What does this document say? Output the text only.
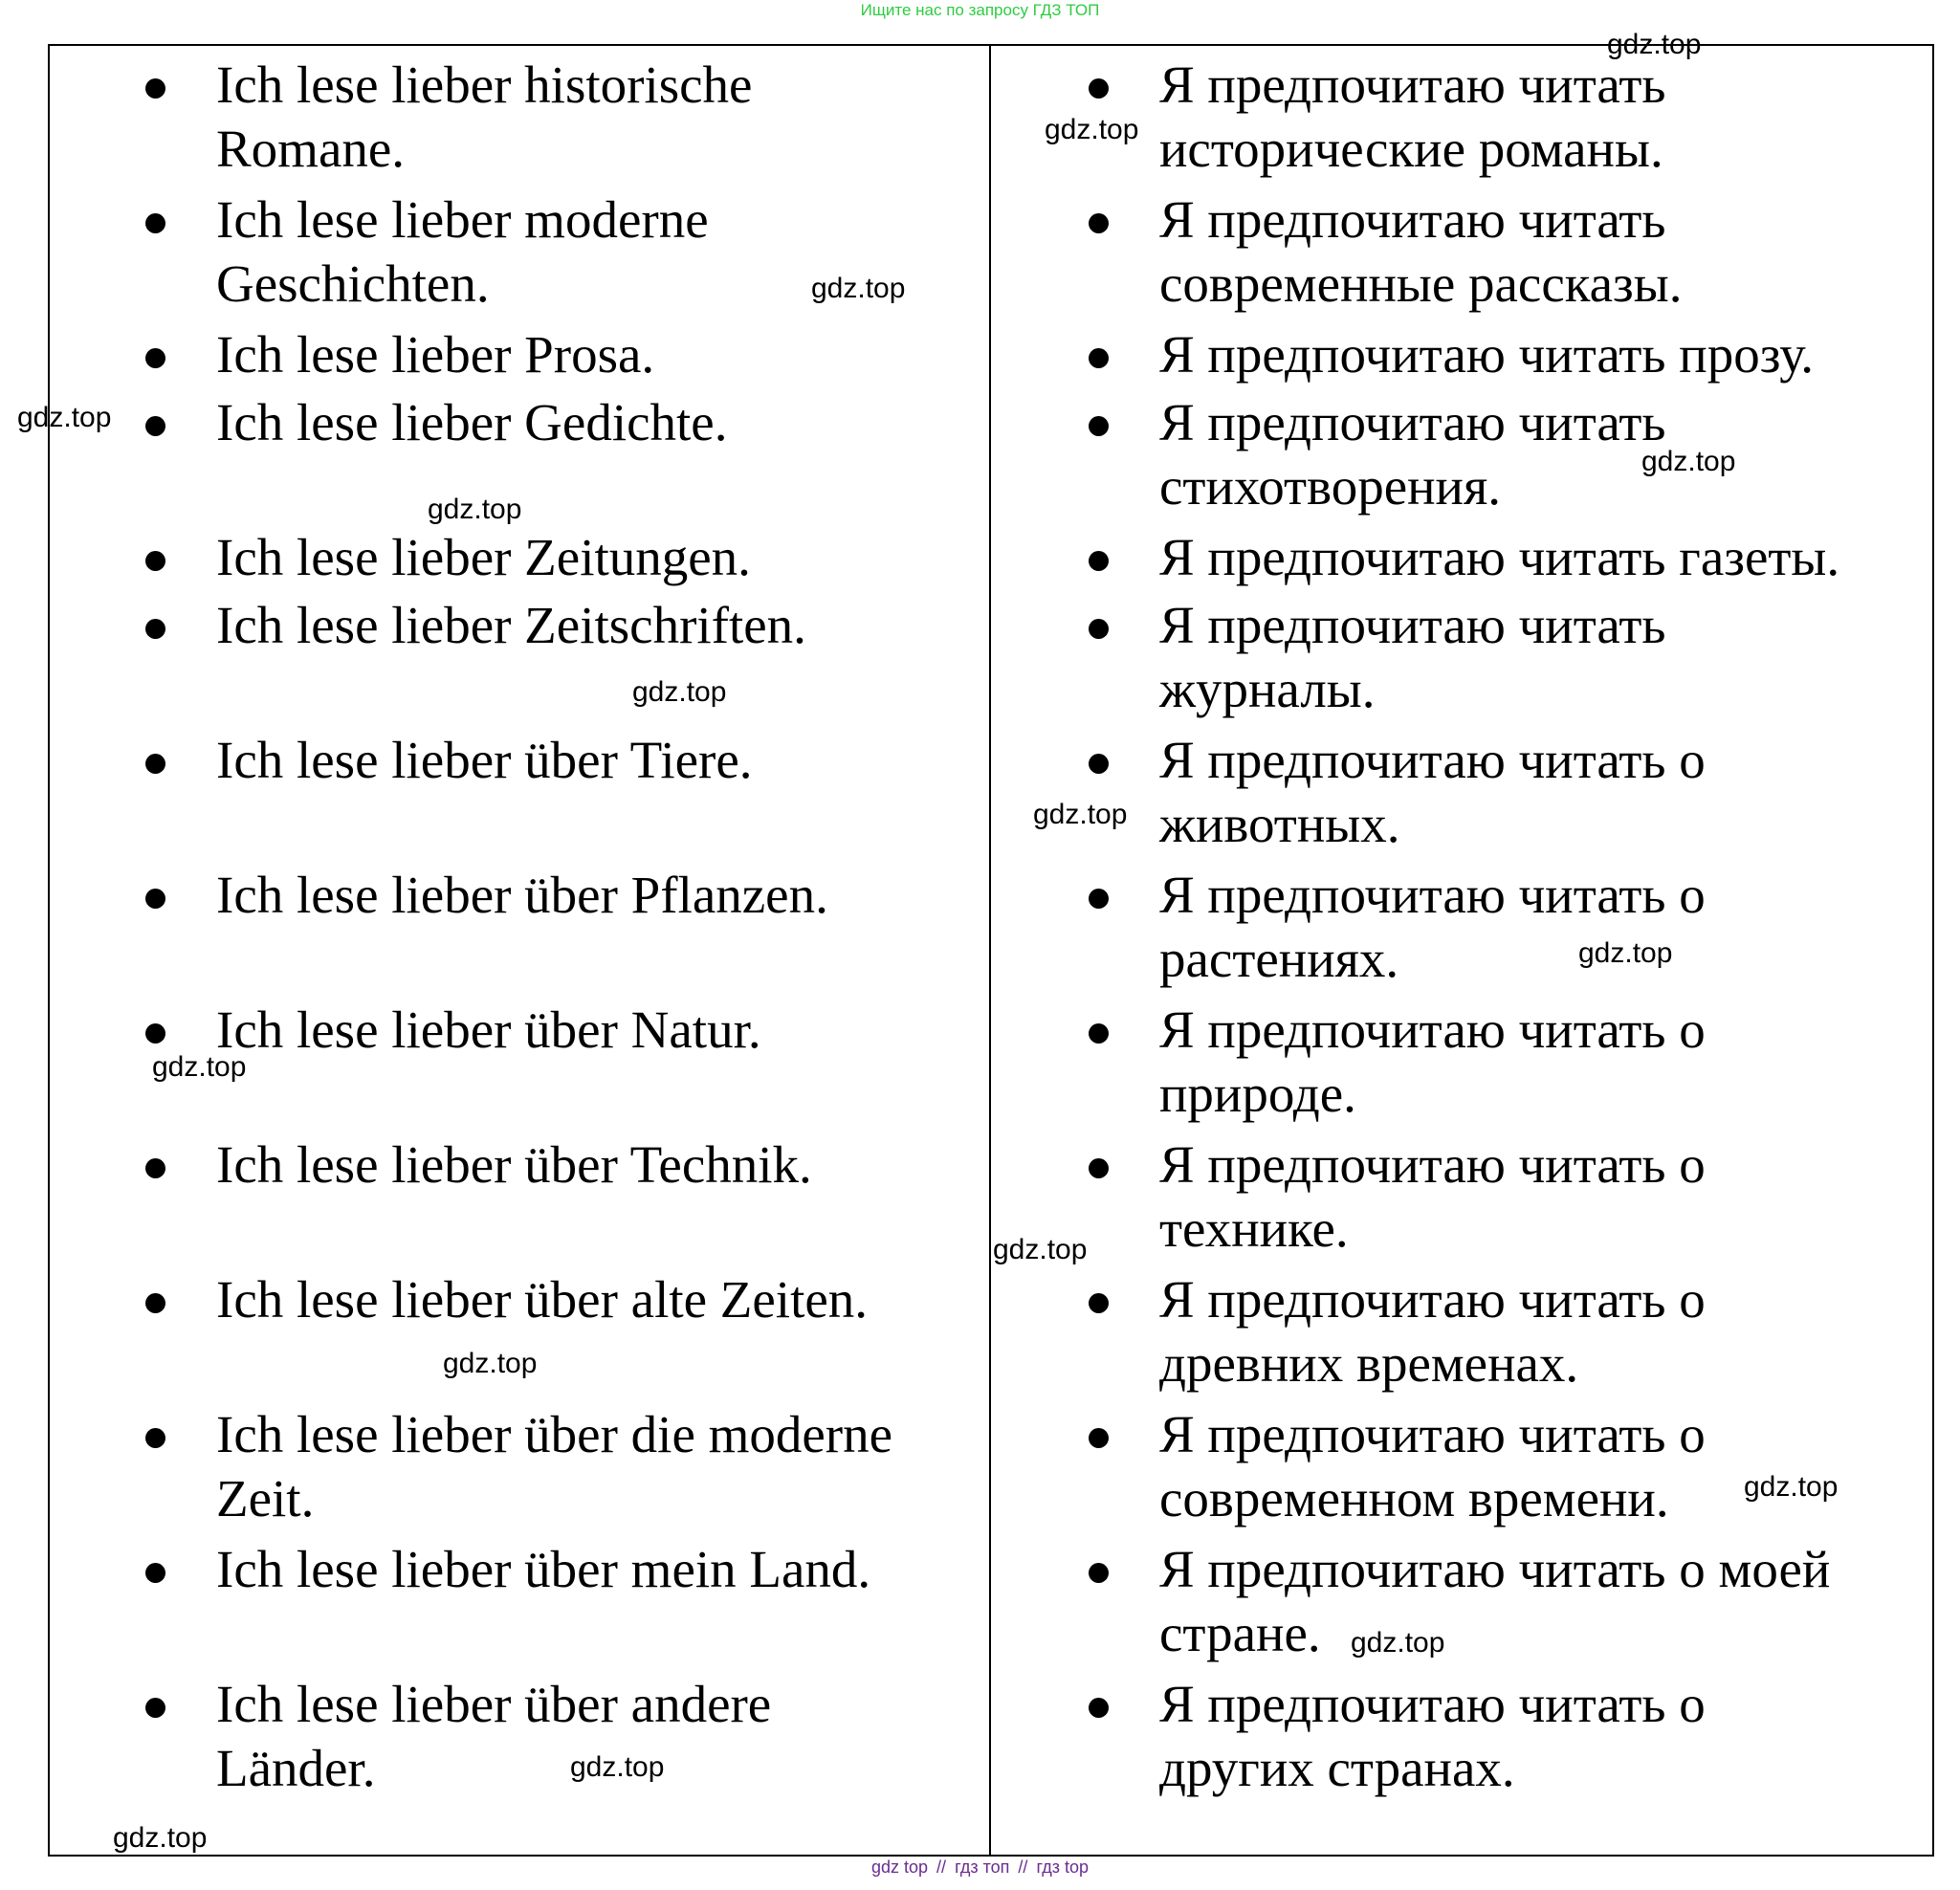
Ищите нас по запросу ГДЗ ТОП
Ich lese lieber historische
Romane.
Ich lese lieber moderne
Geschichten.
Ich lese lieber Prosa.
Ich lese lieber Gedichte.
Ich lese lieber Zeitungen.
Ich lese lieber Zeitschriften.
Ich lese lieber über Tiere.
Ich lese lieber über Pflanzen.
Ich lese lieber über Natur.
Ich lese lieber über Technik.
Ich lese lieber über alte Zeiten.
Ich lese lieber über die moderne
Zeit.
Ich lese lieber über mein Land.
Ich lese lieber über andere
Länder.
Я предпочитаю читать
исторические романы.
Я предпочитаю читать
современные рассказы.
Я предпочитаю читать прозу.
Я предпочитаю читать
стихотворения.
Я предпочитаю читать газеты.
Я предпочитаю читать
журналы.
Я предпочитаю читать о
животных.
Я предпочитаю читать о
растениях.
Я предпочитаю читать о
природе.
Я предпочитаю читать о
технике.
Я предпочитаю читать о
древних временах.
Я предпочитаю читать о
современном времени.
Я предпочитаю читать о моей
стране.
Я предпочитаю читать о
других странах.
gdz.top
gdz.top
gdz.top
gdz.top
gdz.top
gdz.top
gdz.top
gdz.top
gdz.top
gdz.top
gdz.top
gdz.top
gdz.top
gdz.top
gdz.top
gdz.top
gdz top // гдз топ // гдз top
